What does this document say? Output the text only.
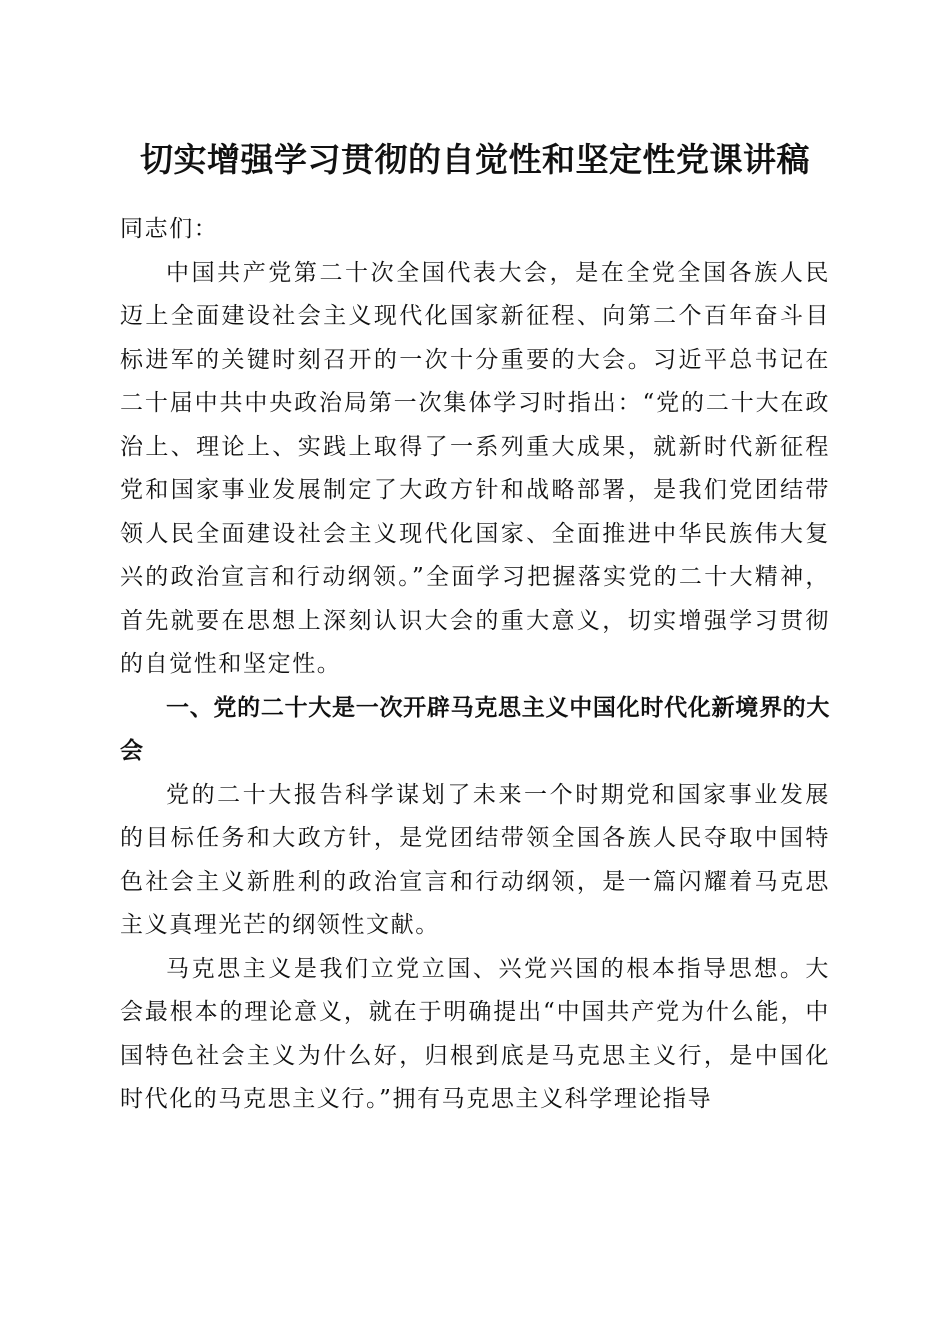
切实增强学习贯彻的自觉性和坚定性党课讲稿

同志们：

中国共产党第二十次全国代表大会，是在全党全国各族人民迈上全面建设社会主义现代化国家新征程、向第二个百年奋斗目标进军的关键时刻召开的一次十分重要的大会。习近平总书记在二十届中共中央政治局第一次集体学习时指出：“党的二十大在政治上、理论上、实践上取得了一系列重大成果，就新时代新征程党和国家事业发展制定了大政方针和战略部署，是我们党团结带领人民全面建设社会主义现代化国家、全面推进中华民族伟大复兴的政治宣言和行动纲领。”全面学习把握落实党的二十大精神，首先就要在思想上深刻认识大会的重大意义，切实增强学习贯彻的自觉性和坚定性。

一、党的二十大是一次开辟马克思主义中国化时代化新境界的大会

党的二十大报告科学谋划了未来一个时期党和国家事业发展的目标任务和大政方针，是党团结带领全国各族人民夺取中国特色社会主义新胜利的政治宣言和行动纲领，是一篇闪耀着马克思主义真理光芒的纲领性文献。

马克思主义是我们立党立国、兴党兴国的根本指导思想。大会最根本的理论意义，就在于明确提出“中国共产党为什么能，中国特色社会主义为什么好，归根到底是马克思主义行，是中国化时代化的马克思主义行。”拥有马克思主义科学理论指导
